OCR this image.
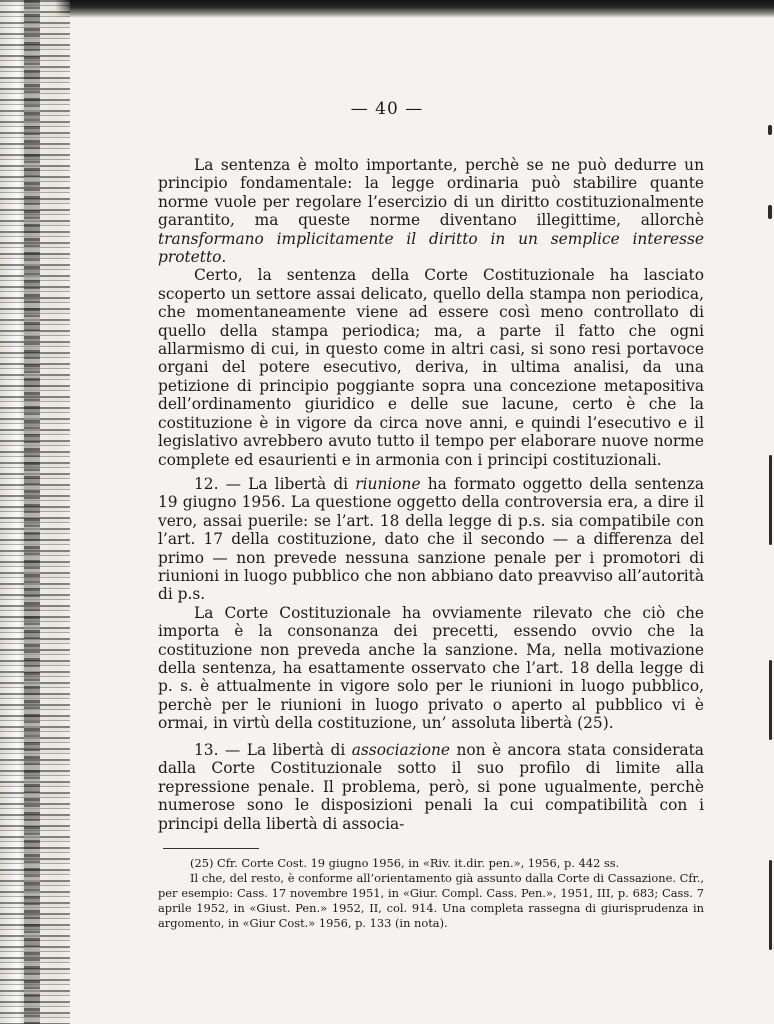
— 40 —

La sentenza è molto importante, perchè se ne può dedurre un principio fondamentale: la legge ordinaria può stabilire quante norme vuole per regolare l’esercizio di un diritto costituzionalmente garantito, ma queste norme diventano illegittime, allorchè transformano implicitamente il diritto in un semplice interesse protetto.

Certo, la sentenza della Corte Costituzionale ha lasciato scoperto un settore assai delicato, quello della stampa non periodica, che momentaneamente viene ad essere così meno controllato di quello della stampa periodica; ma, a parte il fatto che ogni allarmismo di cui, in questo come in altri casi, si sono resi portavoce organi del potere esecutivo, deriva, in ultima analisi, da una petizione di principio poggiante sopra una concezione metapositiva dell’ordinamento giuridico e delle sue lacune, certo è che la costituzione è in vigore da circa nove anni, e quindi l’esecutivo e il legislativo avrebbero avuto tutto il tempo per elaborare nuove norme complete ed esaurienti e in armonia con i principi costituzionali.

12. — La libertà di riunione ha formato oggetto della sentenza 19 giugno 1956. La questione oggetto della controversia era, a dire il vero, assai puerile: se l’art. 18 della legge di p.s. sia compatibile con l’art. 17 della costituzione, dato che il secondo — a differenza del primo — non prevede nessuna sanzione penale per i promotori di riunioni in luogo pubblico che non abbiano dato preavviso all’autorità di p.s.

La Corte Costituzionale ha ovviamente rilevato che ciò che importa è la consonanza dei precetti, essendo ovvio che la costituzione non preveda anche la sanzione. Ma, nella motivazione della sentenza, ha esattamente osservato che l’art. 18 della legge di p. s. è attualmente in vigore solo per le riunioni in luogo pubblico, perchè per le riunioni in luogo privato o aperto al pubblico vi è ormai, in virtù della costituzione, un’ assoluta libertà (25).

13. — La libertà di associazione non è ancora stata considerata dalla Corte Costituzionale sotto il suo profilo di limite alla repressione penale. Il problema, però, si pone ugualmente, perchè numerose sono le disposizioni penali la cui compatibilità con i principi della libertà di associa-

(25) Cfr. Corte Cost. 19 giugno 1956, in «Riv. it.dir. pen.», 1956, p. 442 ss.

Il che, del resto, è conforme all’orientamento già assunto dalla Corte di Cassazione. Cfr., per esempio: Cass. 17 novembre 1951, in «Giur. Compl. Cass. Pen.», 1951, III, p. 683; Cass. 7 aprile 1952, in «Giust. Pen.» 1952, II, col. 914. Una completa rassegna di giurisprudenza in argomento, in «Giur Cost.» 1956, p. 133 (in nota).
